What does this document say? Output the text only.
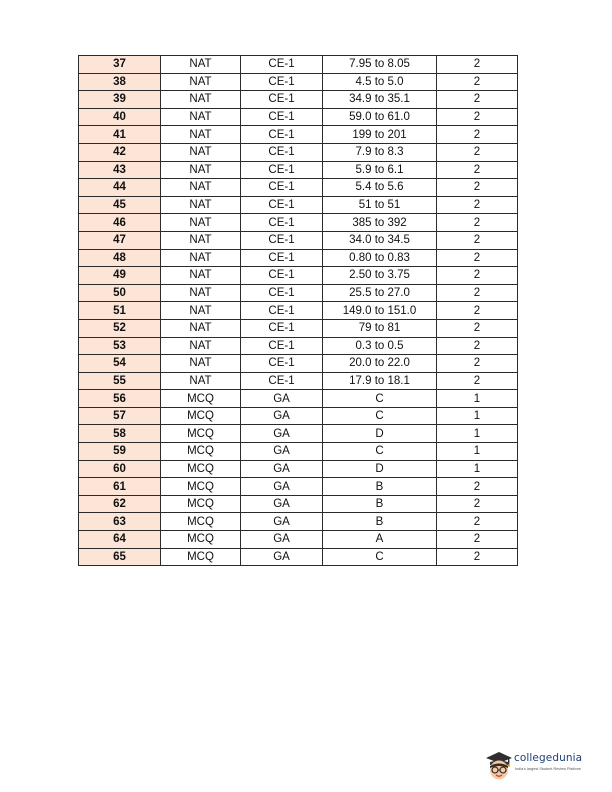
37	NAT	CE-1	7.95 to 8.05	2
38	NAT	CE-1	4.5 to 5.0	2
39	NAT	CE-1	34.9 to 35.1	2
40	NAT	CE-1	59.0 to 61.0	2
41	NAT	CE-1	199 to 201	2
42	NAT	CE-1	7.9 to 8.3	2
43	NAT	CE-1	5.9 to 6.1	2
44	NAT	CE-1	5.4 to 5.6	2
45	NAT	CE-1	51 to 51	2
46	NAT	CE-1	385 to 392	2
47	NAT	CE-1	34.0 to 34.5	2
48	NAT	CE-1	0.80 to 0.83	2
49	NAT	CE-1	2.50 to 3.75	2
50	NAT	CE-1	25.5 to 27.0	2
51	NAT	CE-1	149.0 to 151.0	2
52	NAT	CE-1	79 to 81	2
53	NAT	CE-1	0.3 to 0.5	2
54	NAT	CE-1	20.0 to 22.0	2
55	NAT	CE-1	17.9 to 18.1	2
56	MCQ	GA	C	1
57	MCQ	GA	C	1
58	MCQ	GA	D	1
59	MCQ	GA	C	1
60	MCQ	GA	D	1
61	MCQ	GA	B	2
62	MCQ	GA	B	2
63	MCQ	GA	B	2
64	MCQ	GA	A	2
65	MCQ	GA	C	2
collegedunia
India's largest Student Review Platform
